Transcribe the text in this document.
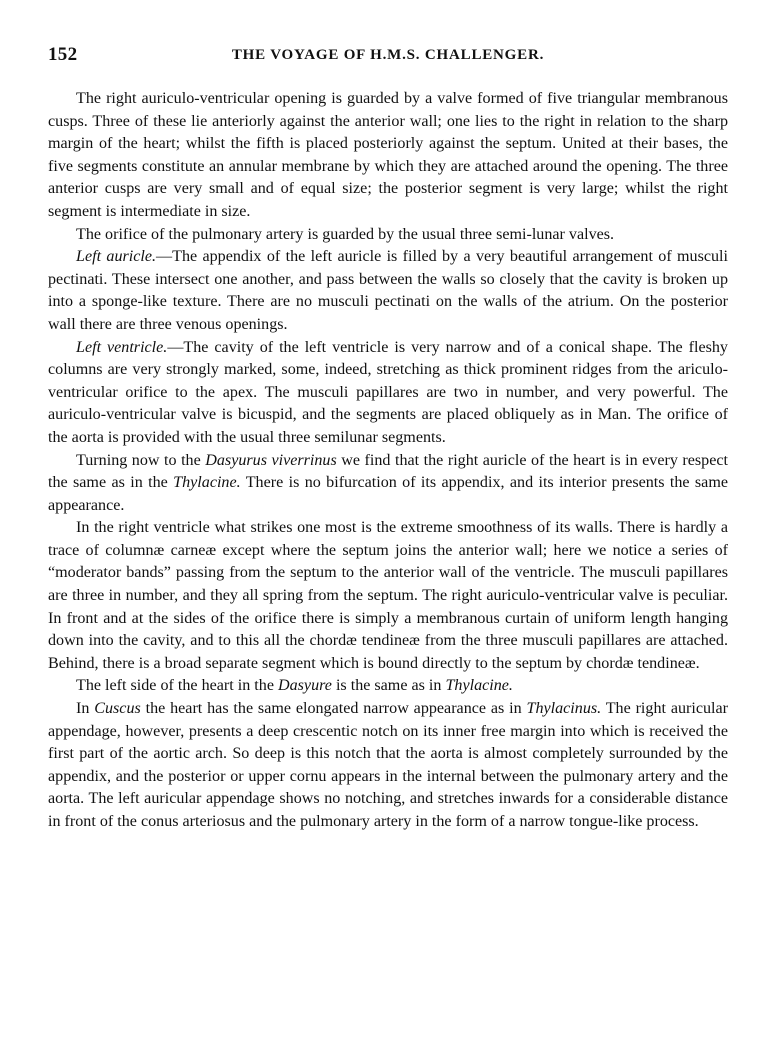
152	THE VOYAGE OF H.M.S. CHALLENGER.

The right auriculo-ventricular opening is guarded by a valve formed of five triangular membranous cusps. Three of these lie anteriorly against the anterior wall; one lies to the right in relation to the sharp margin of the heart; whilst the fifth is placed posteriorly against the septum. United at their bases, the five segments constitute an annular membrane by which they are attached around the opening. The three anterior cusps are very small and of equal size; the posterior segment is very large; whilst the right segment is intermediate in size.

The orifice of the pulmonary artery is guarded by the usual three semi-lunar valves.

Left auricle.—The appendix of the left auricle is filled by a very beautiful arrangement of musculi pectinati. These intersect one another, and pass between the walls so closely that the cavity is broken up into a sponge-like texture. There are no musculi pectinati on the walls of the atrium. On the posterior wall there are three venous openings.

Left ventricle.—The cavity of the left ventricle is very narrow and of a conical shape. The fleshy columns are very strongly marked, some, indeed, stretching as thick prominent ridges from the ariculo-ventricular orifice to the apex. The musculi papillares are two in number, and very powerful. The auriculo-ventricular valve is bicuspid, and the segments are placed obliquely as in Man. The orifice of the aorta is provided with the usual three semilunar segments.

Turning now to the Dasyurus viverrinus we find that the right auricle of the heart is in every respect the same as in the Thylacine. There is no bifurcation of its appendix, and its interior presents the same appearance.

In the right ventricle what strikes one most is the extreme smoothness of its walls. There is hardly a trace of columnæ carneæ except where the septum joins the anterior wall; here we notice a series of “moderator bands” passing from the septum to the anterior wall of the ventricle. The musculi papillares are three in number, and they all spring from the septum. The right auriculo-ventricular valve is peculiar. In front and at the sides of the orifice there is simply a membranous curtain of uniform length hanging down into the cavity, and to this all the chordæ tendineæ from the three musculi papillares are attached. Behind, there is a broad separate segment which is bound directly to the septum by chordæ tendineæ.

The left side of the heart in the Dasyure is the same as in Thylacine.

In Cuscus the heart has the same elongated narrow appearance as in Thylacinus. The right auricular appendage, however, presents a deep crescentic notch on its inner free margin into which is received the first part of the aortic arch. So deep is this notch that the aorta is almost completely surrounded by the appendix, and the posterior or upper cornu appears in the internal between the pulmonary artery and the aorta. The left auricular appendage shows no notching, and stretches inwards for a considerable distance in front of the conus arteriosus and the pulmonary artery in the form of a narrow tongue-like process.
